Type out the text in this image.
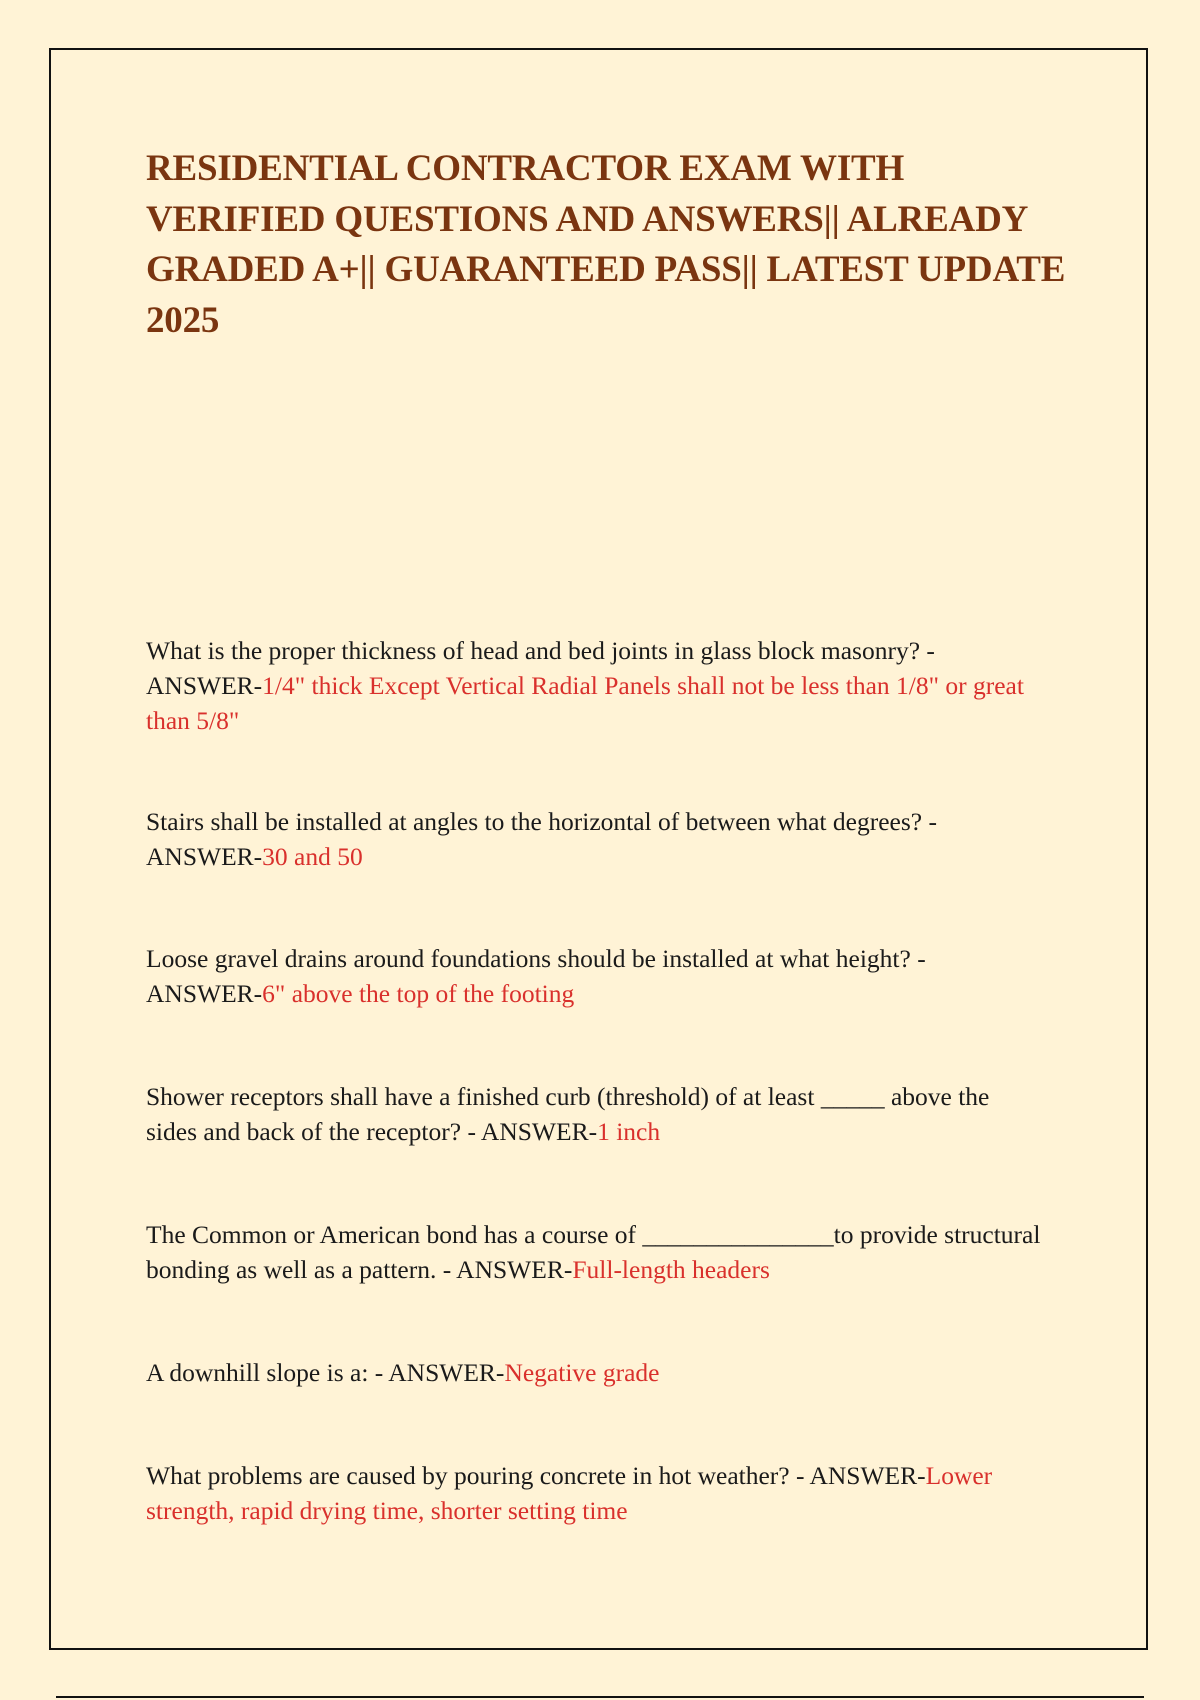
RESIDENTIAL CONTRACTOR EXAM WITH VERIFIED QUESTIONS AND ANSWERS|| ALREADY GRADED A+|| GUARANTEED PASS|| LATEST UPDATE 2025

What is the proper thickness of head and bed joints in glass block masonry? - ANSWER-1/4" thick Except Vertical Radial Panels shall not be less than 1/8" or great than 5/8"

Stairs shall be installed at angles to the horizontal of between what degrees? - ANSWER-30 and 50

Loose gravel drains around foundations should be installed at what height? - ANSWER-6" above the top of the footing

Shower receptors shall have a finished curb (threshold) of at least _____ above the sides and back of the receptor? - ANSWER-1 inch

The Common or American bond has a course of _______________to provide structural bonding as well as a pattern. - ANSWER-Full-length headers

A downhill slope is a: - ANSWER-Negative grade

What problems are caused by pouring concrete in hot weather? - ANSWER-Lower strength, rapid drying time, shorter setting time
